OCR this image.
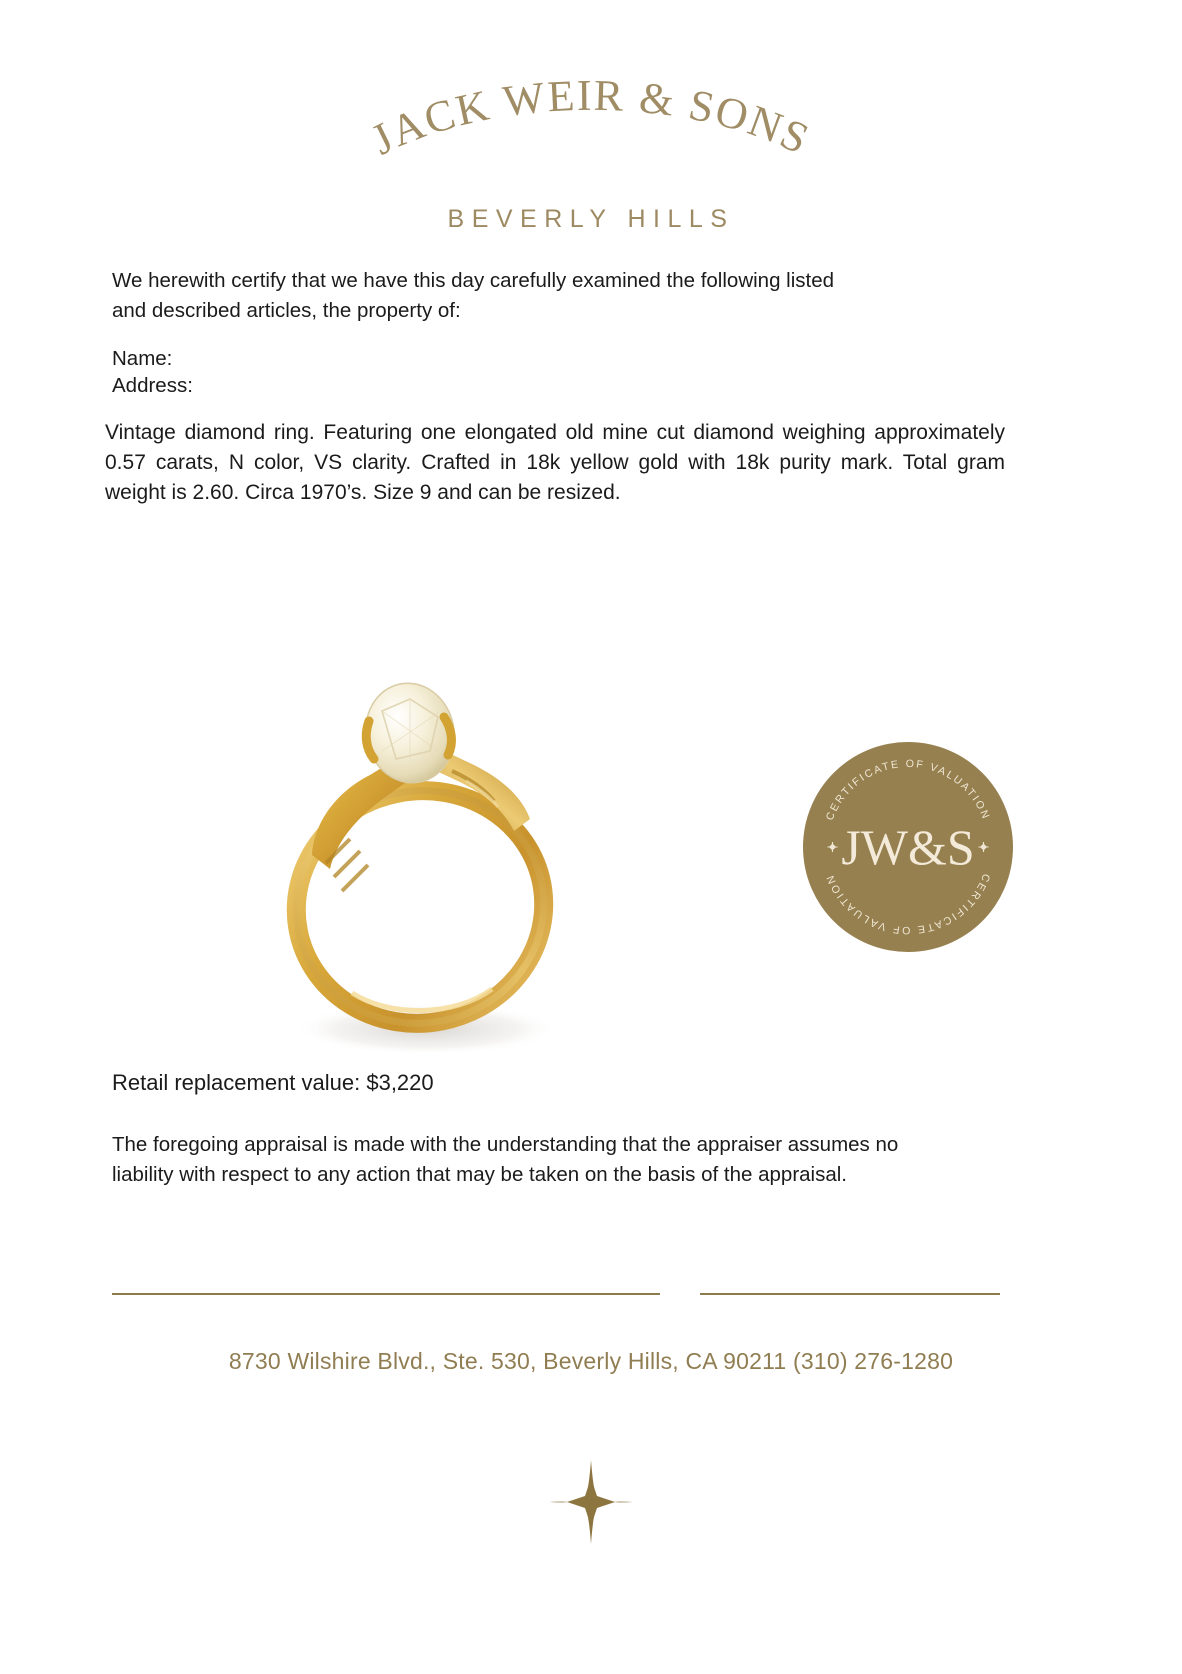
JACK WEIR & SONS
BEVERLY HILLS
We herewith certify that we have this day carefully examined the following listed and described articles, the property of:
Name:
Address:
Vintage diamond ring. Featuring one elongated old mine cut diamond weighing approximately 0.57 carats, N color, VS clarity. Crafted in 18k yellow gold with 18k purity mark. Total gram weight is 2.60. Circa 1970’s. Size 9 and can be resized.
CERTIFICATE OF VALUATION
CERTIFICATE OF VALUATION
JW&S
Retail replacement value: $3,220
The foregoing appraisal is made with the understanding that the appraiser assumes no liability with respect to any action that may be taken on the basis of the appraisal.
8730 Wilshire Blvd., Ste. 530, Beverly Hills, CA 90211 (310) 276-1280
